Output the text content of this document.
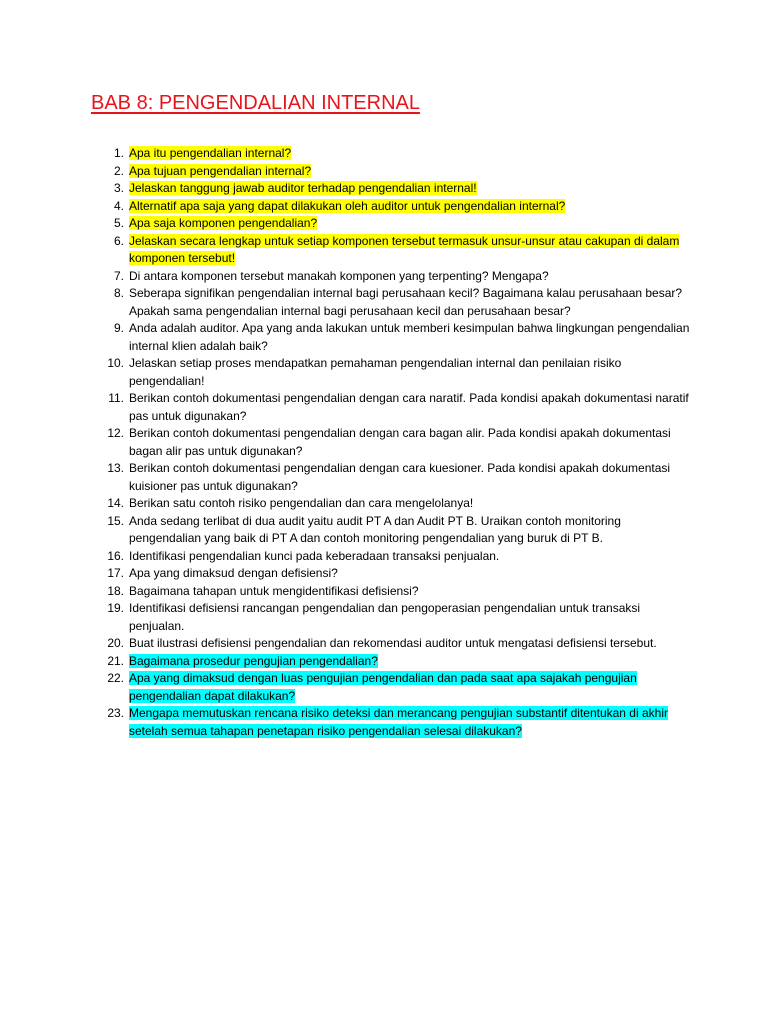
BAB 8: PENGENDALIAN INTERNAL
1. Apa itu pengendalian internal?
2. Apa tujuan pengendalian internal?
3. Jelaskan tanggung jawab auditor terhadap pengendalian internal!
4. Alternatif apa saja yang dapat dilakukan oleh auditor untuk pengendalian internal?
5. Apa saja komponen pengendalian?
6. Jelaskan secara lengkap untuk setiap komponen tersebut termasuk unsur-unsur atau cakupan di dalam komponen tersebut!
7. Di antara komponen tersebut manakah komponen yang terpenting? Mengapa?
8. Seberapa signifikan pengendalian internal bagi perusahaan kecil? Bagaimana kalau perusahaan besar? Apakah sama pengendalian internal bagi perusahaan kecil dan perusahaan besar?
9. Anda adalah auditor. Apa yang anda lakukan untuk memberi kesimpulan bahwa lingkungan pengendalian internal klien adalah baik?
10. Jelaskan setiap proses mendapatkan pemahaman pengendalian internal dan penilaian risiko pengendalian!
11. Berikan contoh dokumentasi pengendalian dengan cara naratif. Pada kondisi apakah dokumentasi naratif pas untuk digunakan?
12. Berikan contoh dokumentasi pengendalian dengan cara bagan alir. Pada kondisi apakah dokumentasi bagan alir pas untuk digunakan?
13. Berikan contoh dokumentasi pengendalian dengan cara kuesioner. Pada kondisi apakah dokumentasi kuisioner pas untuk digunakan?
14. Berikan satu contoh risiko pengendalian dan cara mengelolanya!
15. Anda sedang terlibat di dua audit yaitu audit PT A dan Audit PT B. Uraikan contoh monitoring pengendalian yang baik di PT A dan contoh monitoring pengendalian yang buruk di PT B.
16. Identifikasi pengendalian kunci pada keberadaan transaksi penjualan.
17. Apa yang dimaksud dengan defisiensi?
18. Bagaimana tahapan untuk mengidentifikasi defisiensi?
19. Identifikasi defisiensi rancangan pengendalian dan pengoperasian pengendalian untuk transaksi penjualan.
20. Buat ilustrasi defisiensi pengendalian dan rekomendasi auditor untuk mengatasi defisiensi tersebut.
21. Bagaimana prosedur pengujian pengendalian?
22. Apa yang dimaksud dengan luas pengujian pengendalian dan pada saat apa sajakah pengujian pengendalian dapat dilakukan?
23. Mengapa memutuskan rencana risiko deteksi dan merancang pengujian substantif ditentukan di akhir setelah semua tahapan penetapan risiko pengendalian selesai dilakukan?
